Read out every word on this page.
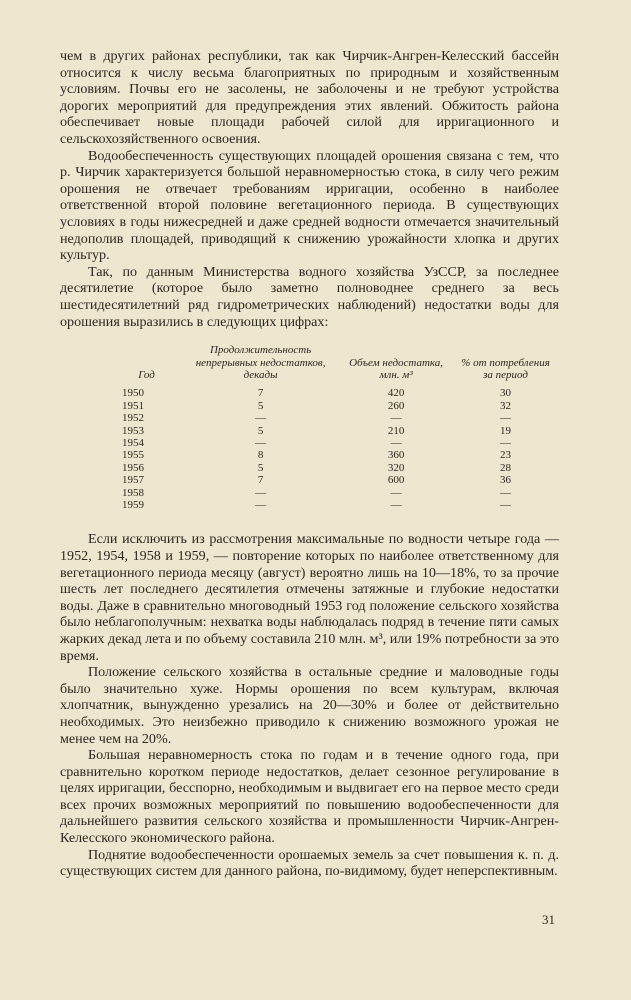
чем в других районах республики, так как Чирчик-Ангрен-Келесский бассейн относится к числу весьма благоприятных по природным и хозяйственным условиям. Почвы его не засолены, не заболочены и не требуют устройства дорогих мероприятий для предупреждения этих явлений. Обжитость района обеспечивает новые площади рабочей силой для ирригационного и сельскохозяйственного освоения.

Водообеспеченность существующих площадей орошения связана с тем, что р. Чирчик характеризуется большой неравномерностью стока, в силу чего режим орошения не отвечает требованиям ирригации, особенно в наиболее ответственной второй половине вегетационного периода. В существующих условиях в годы нижесредней и даже средней водности отмечается значительный недополив площадей, приводящий к снижению урожайности хлопка и других культур.

Так, по данным Министерства водного хозяйства УзССР, за последнее десятилетие (которое было заметно полноводнее среднего за весь шестидесятилетний ряд гидрометрических наблюдений) недостатки воды для орошения выразились в следующих цифрах:

Год	Продолжительность непрерывных недостатков, декады	Объем недостатка, млн. м³	% от потребления за период
1950	7	420	30
1951	5	260	32
1952	—	—	—
1953	5	210	19
1954	—	—	—
1955	8	360	23
1956	5	320	28
1957	7	600	36
1958	—	—	—
1959	—	—	—

Если исключить из рассмотрения максимальные по водности четыре года — 1952, 1954, 1958 и 1959, — повторение которых по наиболее ответственному для вегетационного периода месяцу (август) вероятно лишь на 10—18%, то за прочие шесть лет последнего десятилетия отмечены затяжные и глубокие недостатки воды. Даже в сравнительно многоводный 1953 год положение сельского хозяйства было неблагополучным: нехватка воды наблюдалась подряд в течение пяти самых жарких декад лета и по объему составила 210 млн. м³, или 19% потребности за это время.

Положение сельского хозяйства в остальные средние и маловодные годы было значительно хуже. Нормы орошения по всем культурам, включая хлопчатник, вынужденно урезались на 20—30% и более от действительно необходимых. Это неизбежно приводило к снижению возможного урожая не менее чем на 20%.

Большая неравномерность стока по годам и в течение одного года, при сравнительно коротком периоде недостатков, делает сезонное регулирование в целях ирригации, бесспорно, необходимым и выдвигает его на первое место среди всех прочих возможных мероприятий по повышению водообеспеченности для дальнейшего развития сельского хозяйства и промышленности Чирчик-Ангрен-Келесского экономического района.

Поднятие водообеспеченности орошаемых земель за счет повышения к. п. д. существующих систем для данного района, по-видимому, будет неперспективным.

31
